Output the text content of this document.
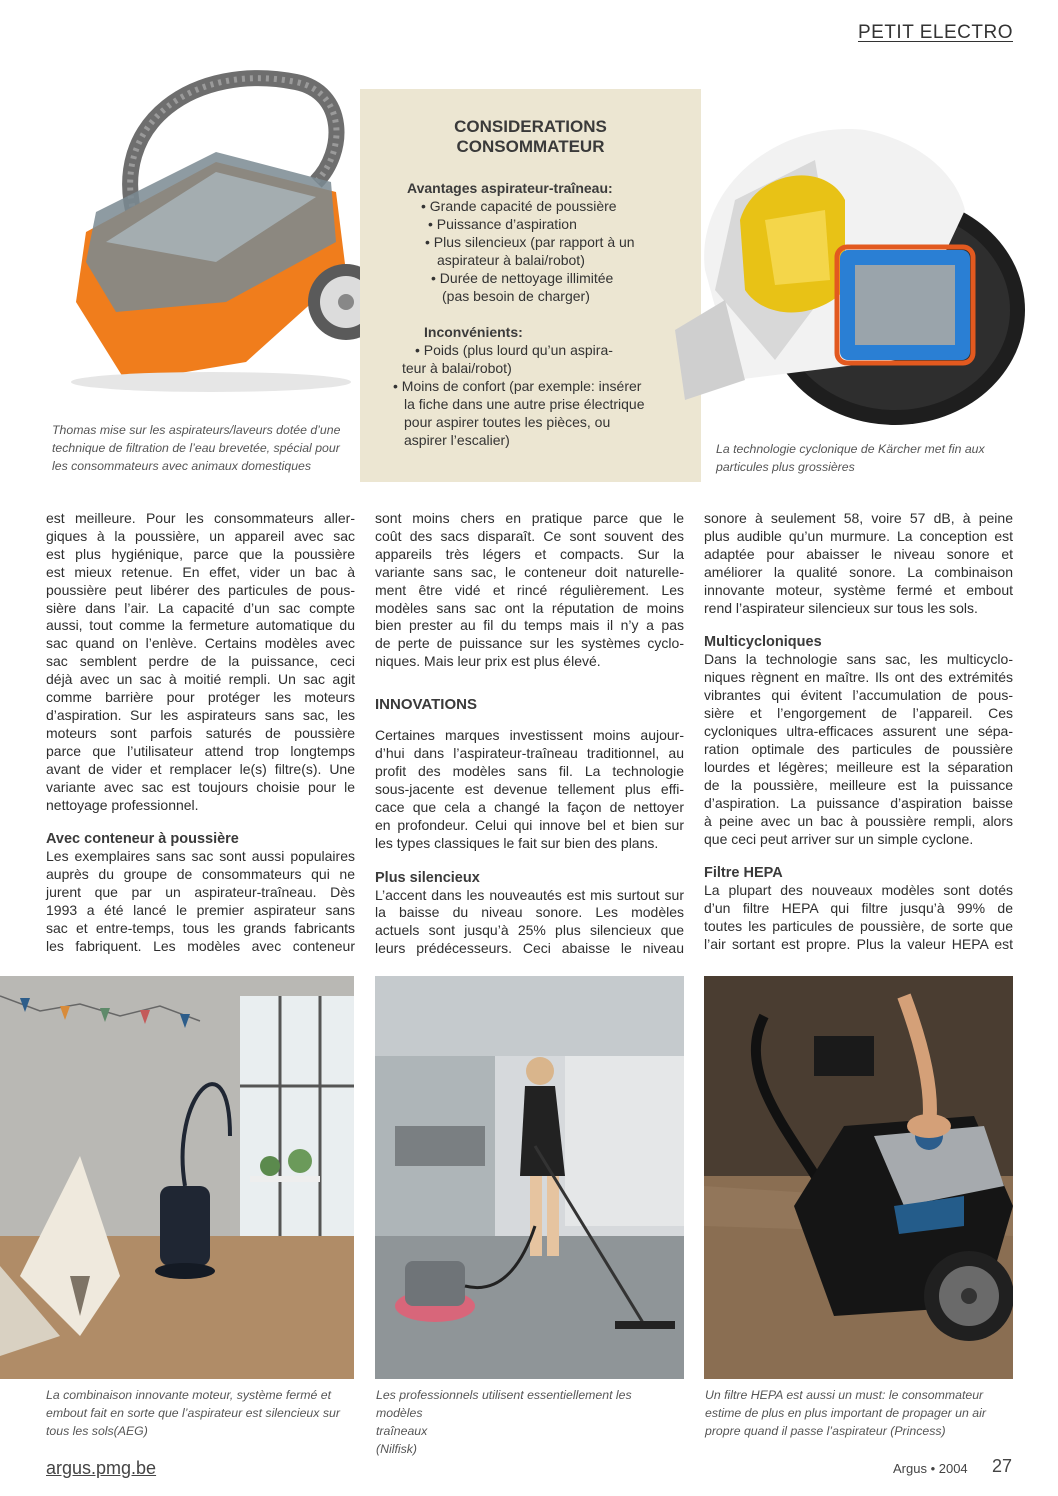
PETIT ELECTRO
Thomas mise sur les aspirateurs/laveurs dotée d’une
technique de filtration de l’eau brevetée, spécial pour
les consommateurs avec animaux domestiques
CONSIDERATIONS
CONSOMMATEUR
Avantages aspirateur-traîneau:
• Grande capacité de poussière
• Puissance d’aspiration
• Plus silencieux (par rapport à un
aspirateur à balai/robot)
• Durée de nettoyage illimitée
(pas besoin de charger)
Inconvénients:
• Poids (plus lourd qu’un aspira-
teur à balai/robot)
• Moins de confort (par exemple: insérer
la fiche dans une autre prise électrique
pour aspirer toutes les pièces, ou
aspirer l’escalier)
La technologie cyclonique de Kärcher met fin aux
particules plus grossières

est meilleure. Pour les consommateurs aller-
giques à la poussière, un appareil avec sac
est plus hygiénique, parce que la poussière
est mieux retenue. En effet, vider un bac à
poussière peut libérer des particules de pous-
sière dans l’air. La capacité d’un sac compte
aussi, tout comme la fermeture automatique du
sac quand on l’enlève. Certains modèles avec
sac semblent perdre de la puissance, ceci
déjà avec un sac à moitié rempli. Un sac agit
comme barrière pour protéger les moteurs
d’aspiration. Sur les aspirateurs sans sac, les
moteurs sont parfois saturés de poussière
parce que l’utilisateur attend trop longtemps
avant de vider et remplacer le(s) filtre(s). Une
variante avec sac est toujours choisie pour le
nettoyage professionnel.

Avec conteneur à poussière

Les exemplaires sans sac sont aussi populaires
auprès du groupe de consommateurs qui ne
jurent que par un aspirateur-traîneau. Dès
1993 a été lancé le premier aspirateur sans
sac et entre-temps, tous les grands fabricants
les fabriquent. Les modèles avec conteneur

sont moins chers en pratique parce que le
coût des sacs disparaît. Ce sont souvent des
appareils très légers et compacts. Sur la
variante sans sac, le conteneur doit naturelle-
ment être vidé et rincé régulièrement. Les
modèles sans sac ont la réputation de moins
bien prester au fil du temps mais il n’y a pas
de perte de puissance sur les systèmes cyclo-
niques. Mais leur prix est plus élevé.

INNOVATIONS

Certaines marques investissent moins aujour-
d’hui dans l’aspirateur-traîneau traditionnel, au
profit des modèles sans fil. La technologie
sous-jacente est devenue tellement plus effi-
cace que cela a changé la façon de nettoyer
en profondeur. Celui qui innove bel et bien sur
les types classiques le fait sur bien des plans.

Plus silencieux

L’accent dans les nouveautés est mis surtout sur
la baisse du niveau sonore. Les modèles
actuels sont jusqu’à 25% plus silencieux que
leurs prédécesseurs. Ceci abaisse le niveau

sonore à seulement 58, voire 57 dB, à peine
plus audible qu’un murmure. La conception est
adaptée pour abaisser le niveau sonore et
améliorer la qualité sonore. La combinaison
innovante moteur, système fermé et embout
rend l’aspirateur silencieux sur tous les sols.

Multicycloniques

Dans la technologie sans sac, les multicyclo-
niques règnent en maître. Ils ont des extrémités
vibrantes qui évitent l’accumulation de pous-
sière et l’engorgement de l’appareil. Ces
cycloniques ultra-efficaces assurent une sépa-
ration optimale des particules de poussière
lourdes et légères; meilleure est la séparation
de la poussière, meilleure est la puissance
d’aspiration. La puissance d’aspiration baisse
à peine avec un bac à poussière rempli, alors
que ceci peut arriver sur un simple cyclone.

Filtre HEPA

La plupart des nouveaux modèles sont dotés
d’un filtre HEPA qui filtre jusqu’à 99% de
toutes les particules de poussière, de sorte que
l’air sortant est propre. Plus la valeur HEPA est

La combinaison innovante moteur, système fermé et
embout fait en sorte que l’aspirateur est silencieux sur
tous les sols(AEG)
Les professionnels utilisent essentiellement les modèles
traîneaux
(Nilfisk)
Un filtre HEPA est aussi un must: le consommateur
estime de plus en plus important de propager un air
propre quand il passe l’aspirateur (Princess)
argus.pmg.be	Argus • 2004 27
